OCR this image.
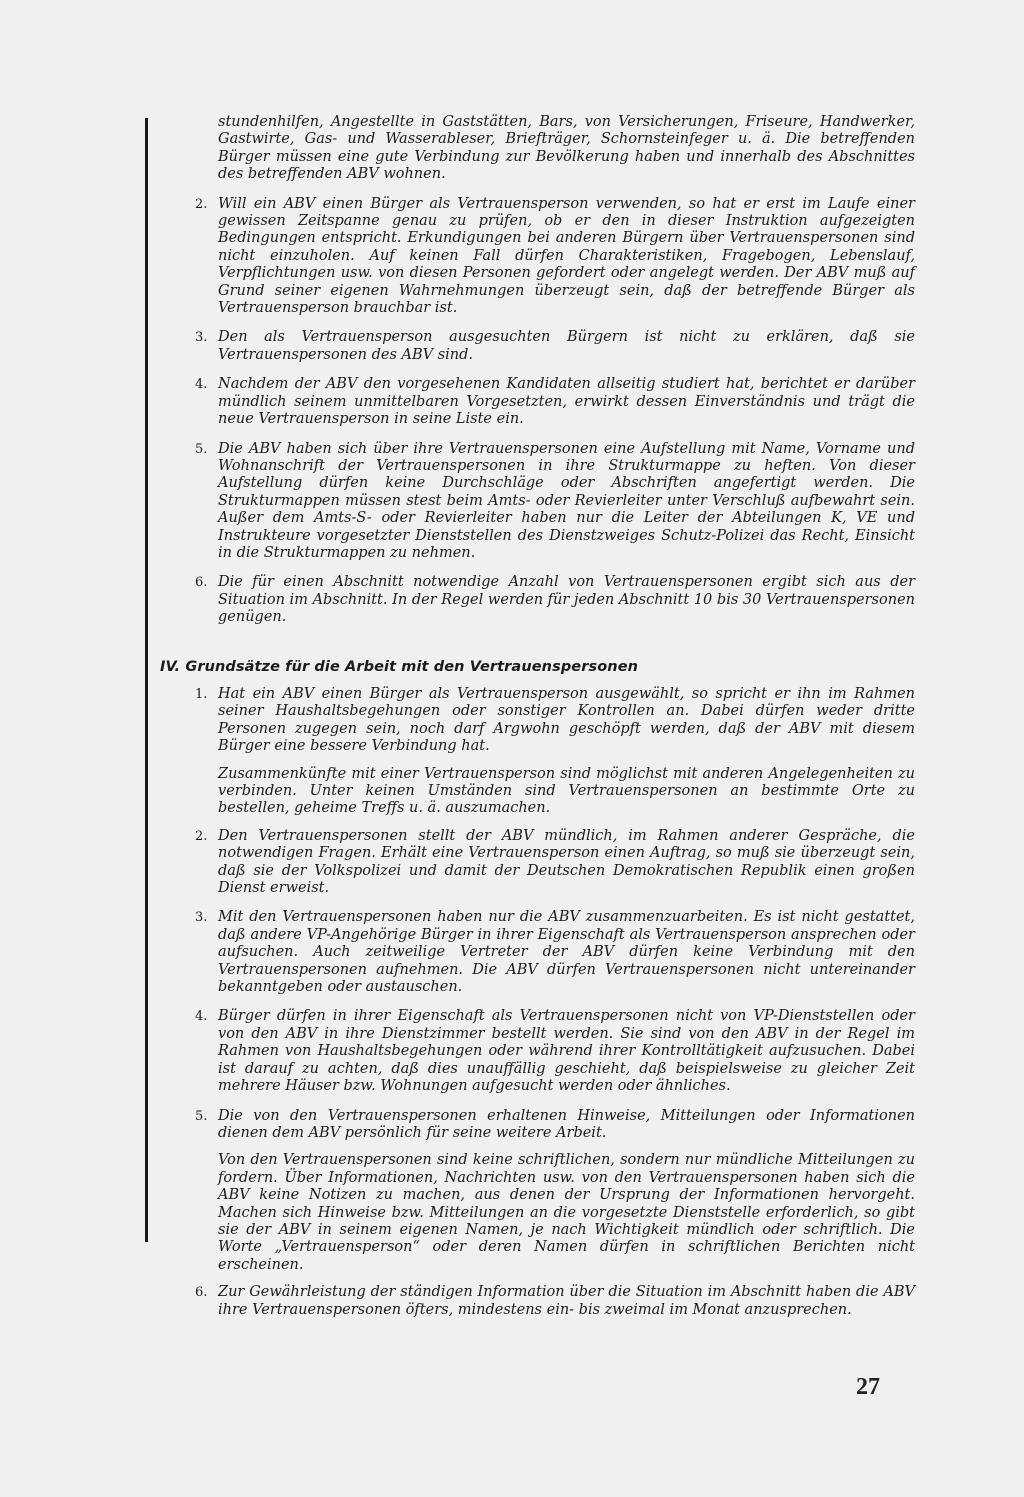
stundenhilfen, Angestellte in Gaststätten, Bars, von Versicherungen, Friseure, Handwerker, Gastwirte, Gas- und Wasserableser, Briefträger, Schornsteinfeger u. ä. Die betreffenden Bürger müssen eine gute Verbindung zur Bevölkerung haben und innerhalb des Abschnittes des betreffenden ABV wohnen.

2. Will ein ABV einen Bürger als Vertrauensperson verwenden, so hat er erst im Laufe einer gewissen Zeitspanne genau zu prüfen, ob er den in dieser Instruktion aufgezeigten Bedingungen entspricht. Erkundigungen bei anderen Bürgern über Vertrauenspersonen sind nicht einzuholen. Auf keinen Fall dürfen Charakteristiken, Fragebogen, Lebenslauf, Verpflichtungen usw. von diesen Personen gefordert oder angelegt werden. Der ABV muß auf Grund seiner eigenen Wahrnehmungen überzeugt sein, daß der betreffende Bürger als Vertrauensperson brauchbar ist.

3. Den als Vertrauensperson ausgesuchten Bürgern ist nicht zu erklären, daß sie Vertrauenspersonen des ABV sind.

4. Nachdem der ABV den vorgesehenen Kandidaten allseitig studiert hat, berichtet er darüber mündlich seinem unmittelbaren Vorgesetzten, erwirkt dessen Einverständnis und trägt die neue Vertrauensperson in seine Liste ein.

5. Die ABV haben sich über ihre Vertrauenspersonen eine Aufstellung mit Name, Vorname und Wohnanschrift der Vertrauenspersonen in ihre Strukturmappe zu heften. Von dieser Aufstellung dürfen keine Durchschläge oder Abschriften angefertigt werden. Die Strukturmappen müssen stest beim Amts- oder Revierleiter unter Verschluß aufbewahrt sein. Außer dem Amts-S- oder Revierleiter haben nur die Leiter der Abteilungen K, VE und Instrukteure vorgesetzter Dienststellen des Dienstzweiges Schutz-Polizei das Recht, Einsicht in die Strukturmappen zu nehmen.

6. Die für einen Abschnitt notwendige Anzahl von Vertrauenspersonen ergibt sich aus der Situation im Abschnitt. In der Regel werden für jeden Abschnitt 10 bis 30 Vertrauenspersonen genügen.

IV. Grundsätze für die Arbeit mit den Vertrauenspersonen
1. Hat ein ABV einen Bürger als Vertrauensperson ausgewählt, so spricht er ihn im Rahmen seiner Haushaltsbegehungen oder sonstiger Kontrollen an. Dabei dürfen weder dritte Personen zugegen sein, noch darf Argwohn geschöpft werden, daß der ABV mit diesem Bürger eine bessere Verbindung hat.

Zusammenkünfte mit einer Vertrauensperson sind möglichst mit anderen Angelegenheiten zu verbinden. Unter keinen Umständen sind Vertrauenspersonen an bestimmte Orte zu bestellen, geheime Treffs u. ä. auszumachen.

2. Den Vertrauenspersonen stellt der ABV mündlich, im Rahmen anderer Gespräche, die notwendigen Fragen. Erhält eine Vertrauensperson einen Auftrag, so muß sie überzeugt sein, daß sie der Volkspolizei und damit der Deutschen Demokratischen Republik einen großen Dienst erweist.

3. Mit den Vertrauenspersonen haben nur die ABV zusammenzuarbeiten. Es ist nicht gestattet, daß andere VP-Angehörige Bürger in ihrer Eigenschaft als Vertrauensperson ansprechen oder aufsuchen. Auch zeitweilige Vertreter der ABV dürfen keine Verbindung mit den Vertrauenspersonen aufnehmen. Die ABV dürfen Vertrauenspersonen nicht untereinander bekanntgeben oder austauschen.

4. Bürger dürfen in ihrer Eigenschaft als Vertrauenspersonen nicht von VP-Dienststellen oder von den ABV in ihre Dienstzimmer bestellt werden. Sie sind von den ABV in der Regel im Rahmen von Haushaltsbegehungen oder während ihrer Kontrolltätigkeit aufzusuchen. Dabei ist darauf zu achten, daß dies unauffällig geschieht, daß beispielsweise zu gleicher Zeit mehrere Häuser bzw. Wohnungen aufgesucht werden oder ähnliches.

5. Die von den Vertrauenspersonen erhaltenen Hinweise, Mitteilungen oder Informationen dienen dem ABV persönlich für seine weitere Arbeit.

Von den Vertrauenspersonen sind keine schriftlichen, sondern nur mündliche Mitteilungen zu fordern. Über Informationen, Nachrichten usw. von den Vertrauenspersonen haben sich die ABV keine Notizen zu machen, aus denen der Ursprung der Informationen hervorgeht. Machen sich Hinweise bzw. Mitteilungen an die vorgesetzte Dienststelle erforderlich, so gibt sie der ABV in seinem eigenen Namen, je nach Wichtigkeit mündlich oder schriftlich. Die Worte „Vertrauensperson“ oder deren Namen dürfen in schriftlichen Berichten nicht erscheinen.

6. Zur Gewährleistung der ständigen Information über die Situation im Abschnitt haben die ABV ihre Vertrauenspersonen öfters, mindestens ein- bis zweimal im Monat anzusprechen.

27
